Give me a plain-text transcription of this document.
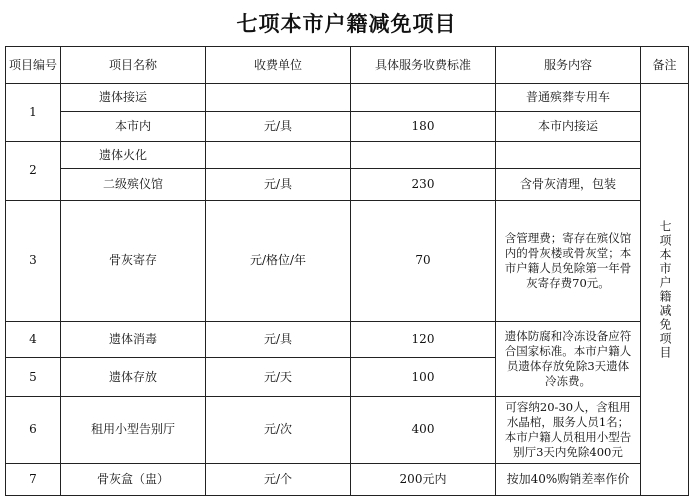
七项本市户籍减免项目
项目编号	项目名称	收费单位	具体服务收费标准	服务内容	备注
1	遗体接运			普通殡葬专用车	七项本市户籍减免项目

	本市内	元/具	180	本市内接运	
2	遗体火化				
	二级殡仪馆	元/具	230	含骨灰清理，包装	
3	骨灰寄存	元/格位/年	70	含管理费；寄存在殡仪馆内的骨灰楼或骨灰堂；本市户籍人员免除第一年骨灰寄存费70元。	
4	遗体消毒	元/具	120	遗体防腐和冷冻设备应符合国家标准。本市户籍人员遗体存放免除3天遗体冷冻费。	
5	遗体存放	元/天	100		
6	租用小型告别厅	元/次	400	可容纳20-30人，含租用水晶棺，服务人员1名；本市户籍人员租用小型告别厅3天内免除400元	
7	骨灰盒（盅）	元/个	200元内	按加40%购销差率作价	
